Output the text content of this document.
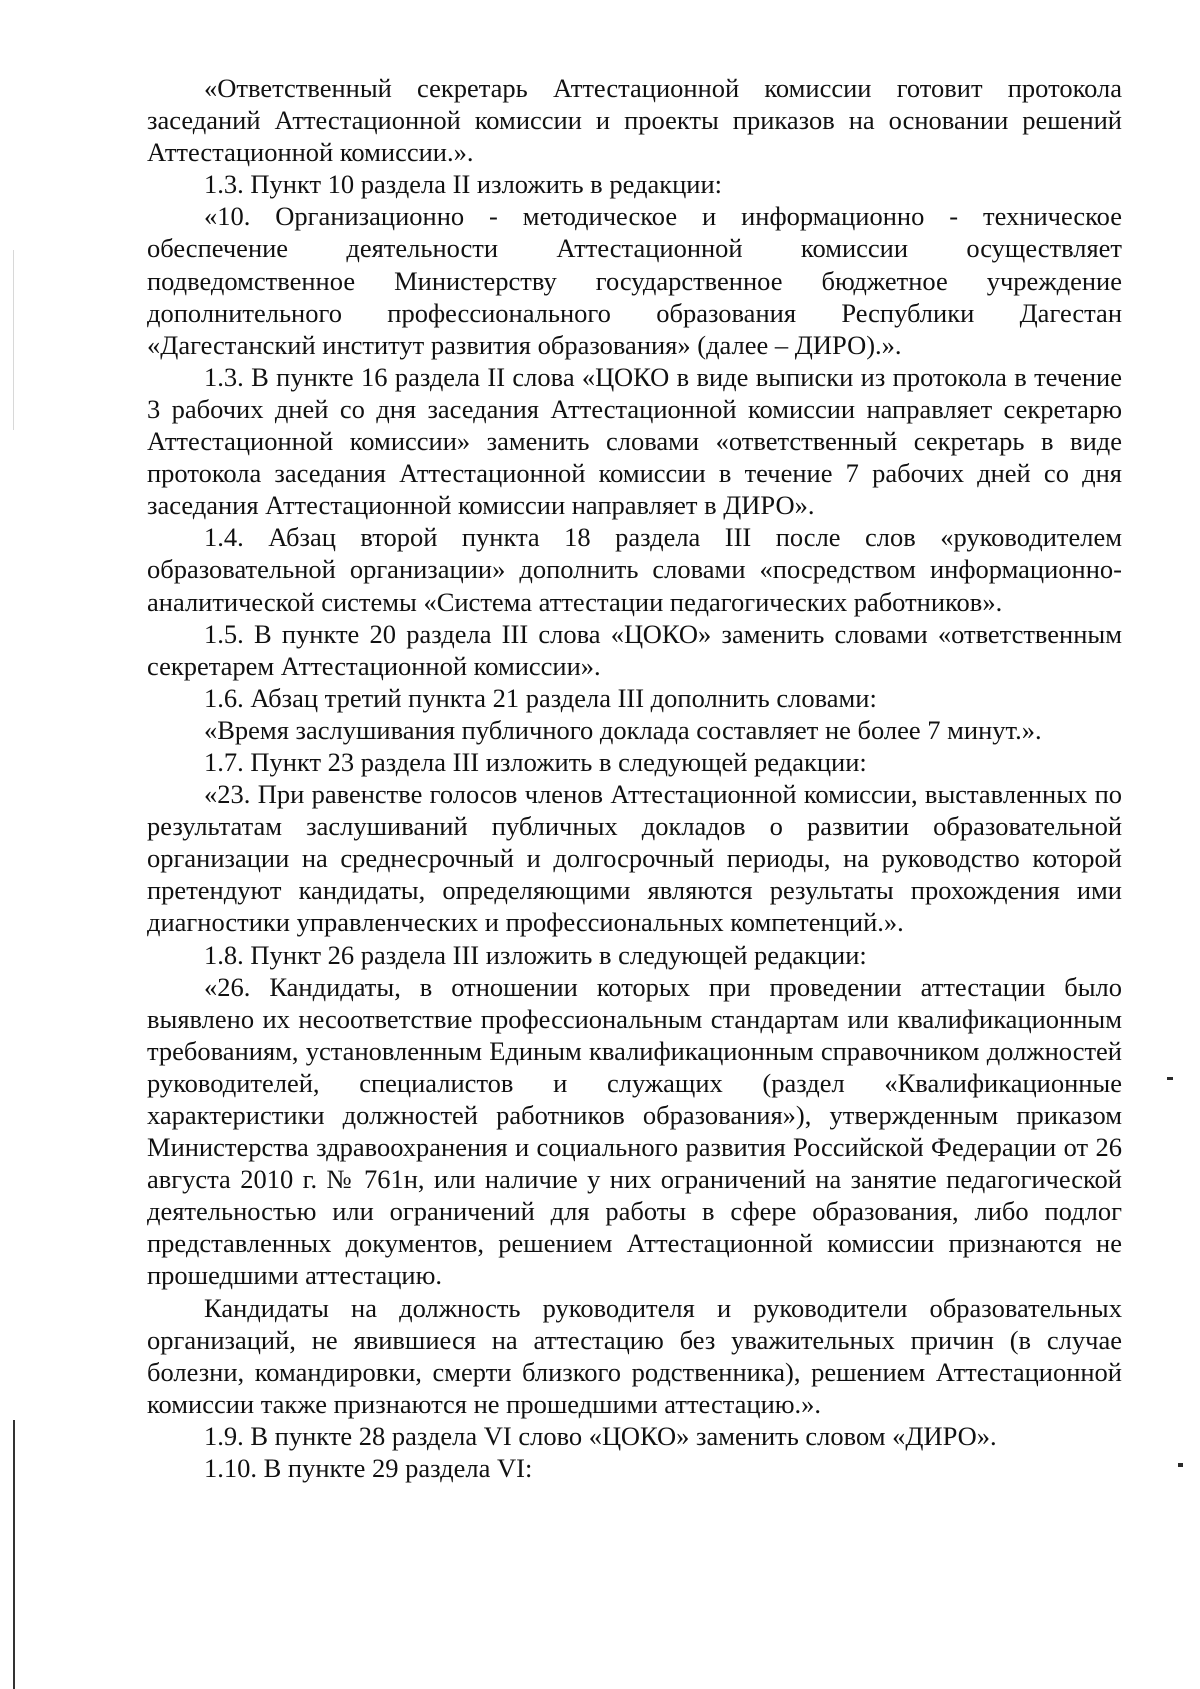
«Ответственный секретарь Аттестационной комиссии готовит протокола заседаний Аттестационной комиссии и проекты приказов на основании решений Аттестационной комиссии.».

1.3. Пункт 10 раздела II изложить в редакции:

«10. Организационно - методическое и информационно - техническое обеспечение деятельности Аттестационной комиссии осуществляет подведомственное Министерству государственное бюджетное учреждение дополнительного профессионального образования Республики Дагестан «Дагестанский институт развития образования» (далее – ДИРО).».

1.3. В пункте 16 раздела II слова «ЦОКО в виде выписки из протокола в течение 3 рабочих дней со дня заседания Аттестационной комиссии направляет секретарю Аттестационной комиссии» заменить словами «ответственный секретарь в виде протокола заседания Аттестационной комиссии в течение 7 рабочих дней со дня заседания Аттестационной комиссии направляет в ДИРО».

1.4. Абзац второй пункта 18 раздела III после слов «руководителем образовательной организации» дополнить словами «посредством информационно-аналитической системы «Система аттестации педагогических работников».

1.5. В пункте 20 раздела III слова «ЦОКО» заменить словами «ответственным секретарем Аттестационной комиссии».

1.6. Абзац третий пункта 21 раздела III дополнить словами:

«Время заслушивания публичного доклада составляет не более 7 минут.».

1.7. Пункт 23 раздела III изложить в следующей редакции:

«23. При равенстве голосов членов Аттестационной комиссии, выставленных по результатам заслушиваний публичных докладов о развитии образовательной организации на среднесрочный и долгосрочный периоды, на руководство которой претендуют кандидаты, определяющими являются результаты прохождения ими диагностики управленческих и профессиональных компетенций.».

1.8. Пункт 26 раздела III изложить в следующей редакции:

«26. Кандидаты, в отношении которых при проведении аттестации было выявлено их несоответствие профессиональным стандартам или квалификационным требованиям, установленным Единым квалификационным справочником должностей руководителей, специалистов и служащих (раздел «Квалификационные характеристики должностей работников образования»), утвержденным приказом Министерства здравоохранения и социального развития Российской Федерации от 26 августа 2010 г. № 761н, или наличие у них ограничений на занятие педагогической деятельностью или ограничений для работы в сфере образования, либо подлог представленных документов, решением Аттестационной комиссии признаются не прошедшими аттестацию.

Кандидаты на должность руководителя и руководители образовательных организаций, не явившиеся на аттестацию без уважительных причин (в случае болезни, командировки, смерти близкого родственника), решением Аттестационной комиссии также признаются не прошедшими аттестацию.».

1.9. В пункте 28 раздела VI слово «ЦОКО» заменить словом «ДИРО».

1.10. В пункте 29 раздела VI:
